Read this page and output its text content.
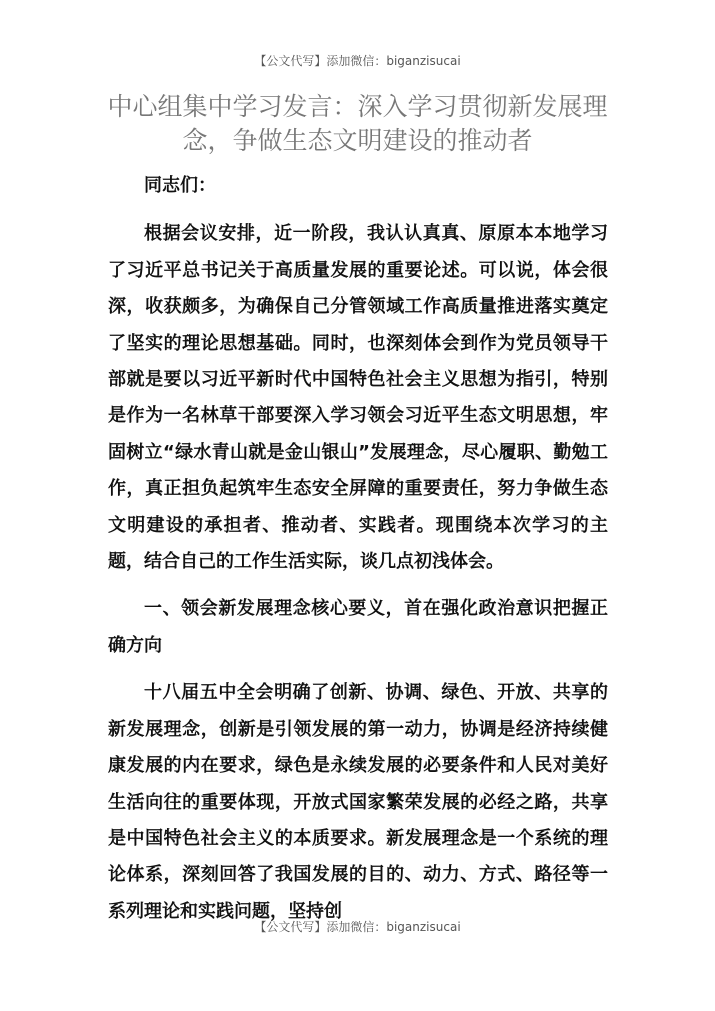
【公文代写】添加微信：biganzisucai
中心组集中学习发言：深入学习贯彻新发展理念，争做生态文明建设的推动者

同志们：

根据会议安排，近一阶段，我认认真真、原原本本地学习了习近平总书记关于高质量发展的重要论述。可以说，体会很深，收获颇多，为确保自己分管领域工作高质量推进落实奠定了坚实的理论思想基础。同时，也深刻体会到作为党员领导干部就是要以习近平新时代中国特色社会主义思想为指引，特别是作为一名林草干部要深入学习领会习近平生态文明思想，牢固树立“绿水青山就是金山银山”发展理念，尽心履职、勤勉工作，真正担负起筑牢生态安全屏障的重要责任，努力争做生态文明建设的承担者、推动者、实践者。现围绕本次学习的主题，结合自己的工作生活实际，谈几点初浅体会。

一、领会新发展理念核心要义，首在强化政治意识把握正确方向

十八届五中全会明确了创新、协调、绿色、开放、共享的新发展理念，创新是引领发展的第一动力，协调是经济持续健康发展的内在要求，绿色是永续发展的必要条件和人民对美好生活向往的重要体现，开放式国家繁荣发展的必经之路，共享是中国特色社会主义的本质要求。新发展理念是一个系统的理论体系，深刻回答了我国发展的目的、动力、方式、路径等一系列理论和实践问题，坚持创

【公文代写】添加微信：biganzisucai
